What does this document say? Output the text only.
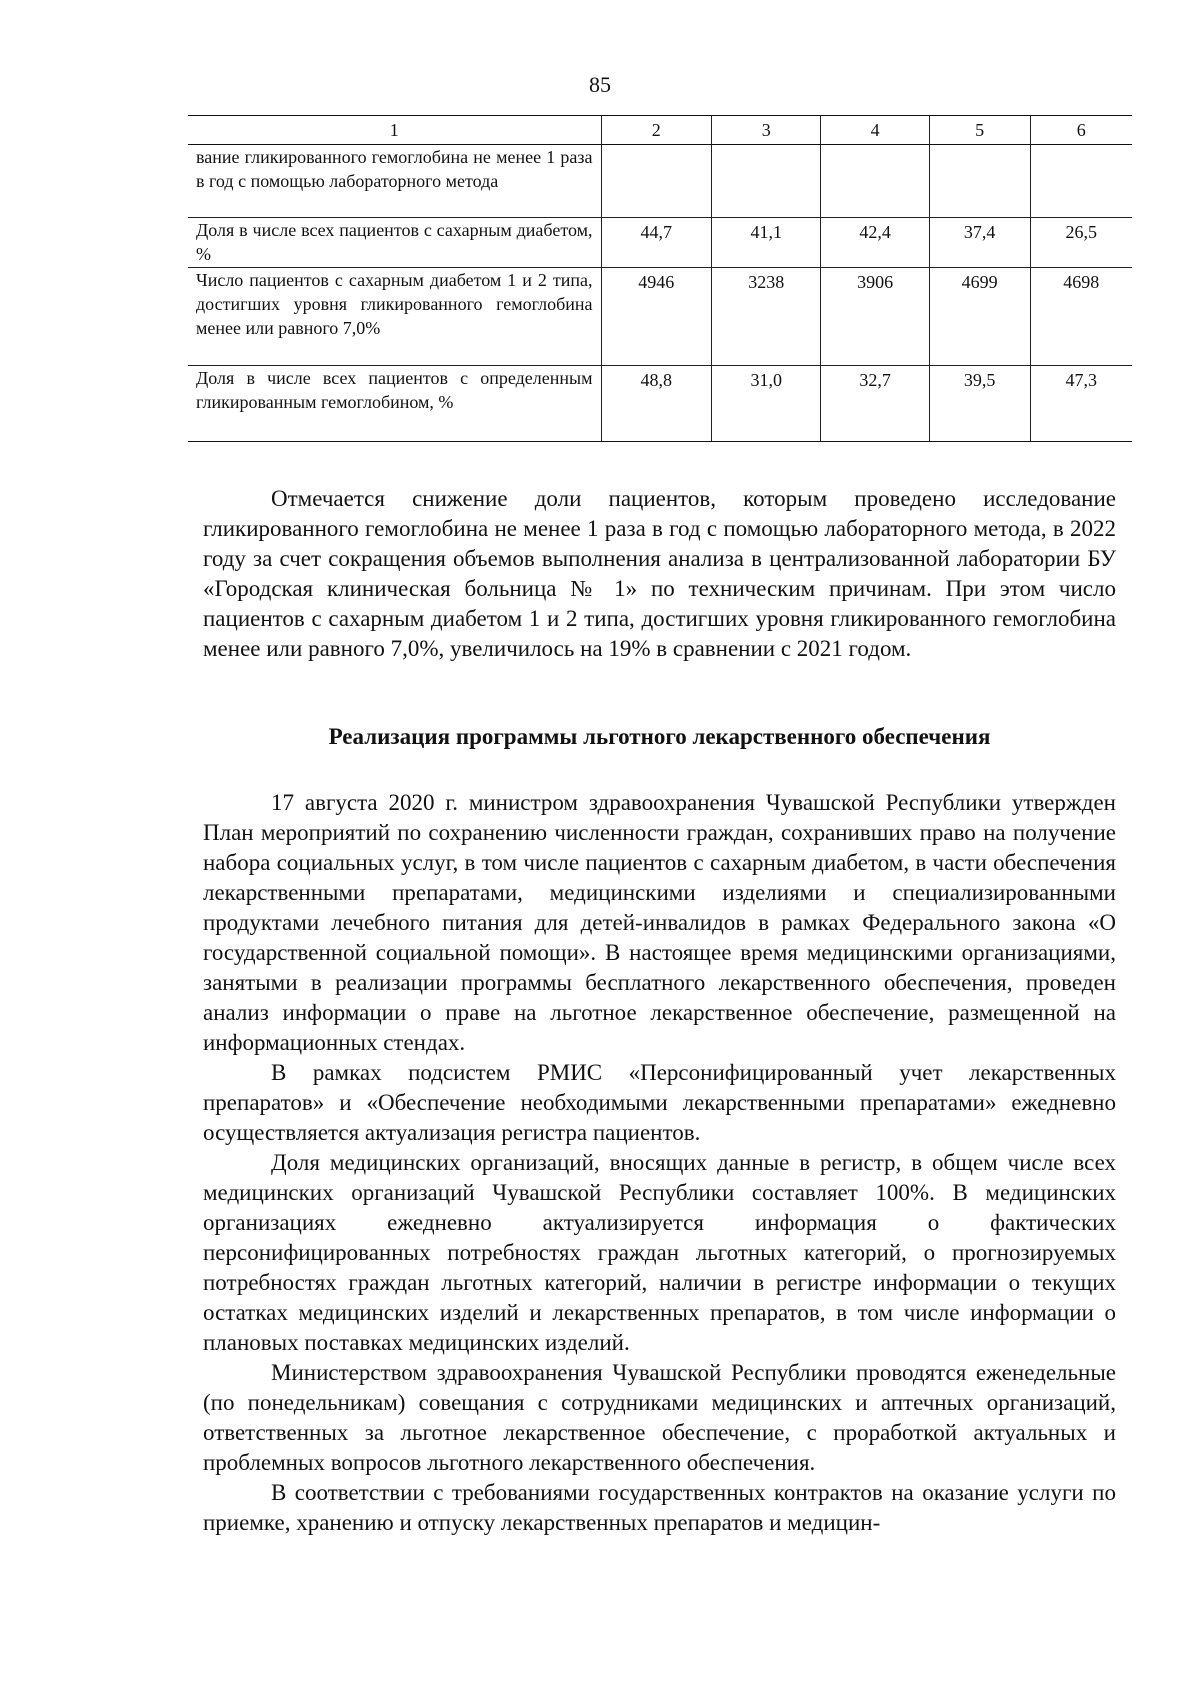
85
1	2	3	4	5	6
вание гликированного гемоглобина не менее 1 раза в год с помощью лабораторного метода					
Доля в числе всех пациентов с сахарным диабетом, %	44,7	41,1	42,4	37,4	26,5
Число пациентов с сахарным диабетом 1 и 2 типа, достигших уровня гликированного гемоглобина менее или равного 7,0%	4946	3238	3906	4699	4698
Доля в числе всех пациентов с определенным гликированным гемоглобином, %	48,8	31,0	32,7	39,5	47,3

Отмечается снижение доли пациентов, которым проведено исследование гликированного гемоглобина не менее 1 раза в год с помощью лабораторного метода, в 2022 году за счет сокращения объемов выполнения анализа в централизованной лаборатории БУ «Городская клиническая больница № 1» по техническим причинам. При этом число пациентов с сахарным диабетом 1 и 2 типа, достигших уровня гликированного гемоглобина менее или равного 7,0%, увеличилось на 19% в сравнении с 2021 годом.

Реализация программы льготного лекарственного обеспечения

17 августа 2020 г. министром здравоохранения Чувашской Республики утвержден План мероприятий по сохранению численности граждан, сохранивших право на получение набора социальных услуг, в том числе пациентов с сахарным диабетом, в части обеспечения лекарственными препаратами, медицинскими изделиями и специализированными продуктами лечебного питания для детей-инвалидов в рамках Федерального закона «О государственной социальной помощи». В настоящее время медицинскими организациями, занятыми в реализации программы бесплатного лекарственного обеспечения, проведен анализ информации о праве на льготное лекарственное обеспечение, размещенной на информационных стендах.

В рамках подсистем РМИС «Персонифицированный учет лекарственных препаратов» и «Обеспечение необходимыми лекарственными препаратами» ежедневно осуществляется актуализация регистра пациентов.

Доля медицинских организаций, вносящих данные в регистр, в общем числе всех медицинских организаций Чувашской Республики составляет 100%. В медицинских организациях ежедневно актуализируется информация о фактических персонифицированных потребностях граждан льготных категорий, о прогнозируемых потребностях граждан льготных категорий, наличии в регистре информации о текущих остатках медицинских изделий и лекарственных препаратов, в том числе информации о плановых поставках медицинских изделий.

Министерством здравоохранения Чувашской Республики проводятся еженедельные (по понедельникам) совещания с сотрудниками медицинских и аптечных организаций, ответственных за льготное лекарственное обеспечение, с проработкой актуальных и проблемных вопросов льготного лекарственного обеспечения.

В соответствии с требованиями государственных контрактов на оказание услуги по приемке, хранению и отпуску лекарственных препаратов и медицин-
